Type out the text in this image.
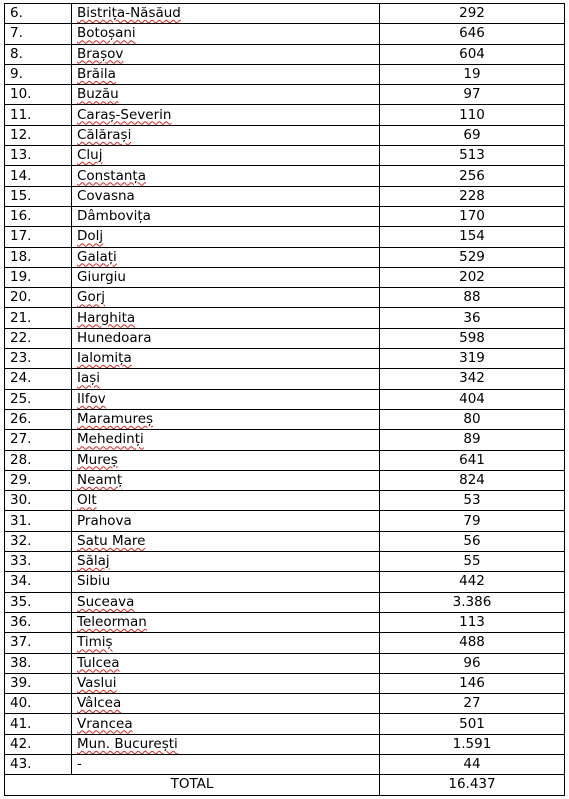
6.	Bistrița-Năsăud	292
7.	Botoșani	646
8.	Brașov	604
9.	Brăila	19
10.	Buzău	97
11.	Caraș-Severin	110
12.	Călărași	69
13.	Cluj	513
14.	Constanța	256
15.	Covasna	228
16.	Dâmbovița	170
17.	Dolj	154
18.	Galați	529
19.	Giurgiu	202
20.	Gorj	88
21.	Harghita	36
22.	Hunedoara	598
23.	Ialomița	319
24.	Iași	342
25.	Ilfov	404
26.	Maramureș	80
27.	Mehedinți	89
28.	Mureș	641
29.	Neamț	824
30.	Olt	53
31.	Prahova	79
32.	Satu Mare	56
33.	Sălaj	55
34.	Sibiu	442
35.	Suceava	3.386
36.	Teleorman	113
37.	Timiș	488
38.	Tulcea	96
39.	Vaslui	146
40.	Vâlcea	27
41.	Vrancea	501
42.	Mun. București	1.591
43.	-	44
TOTAL		16.437
